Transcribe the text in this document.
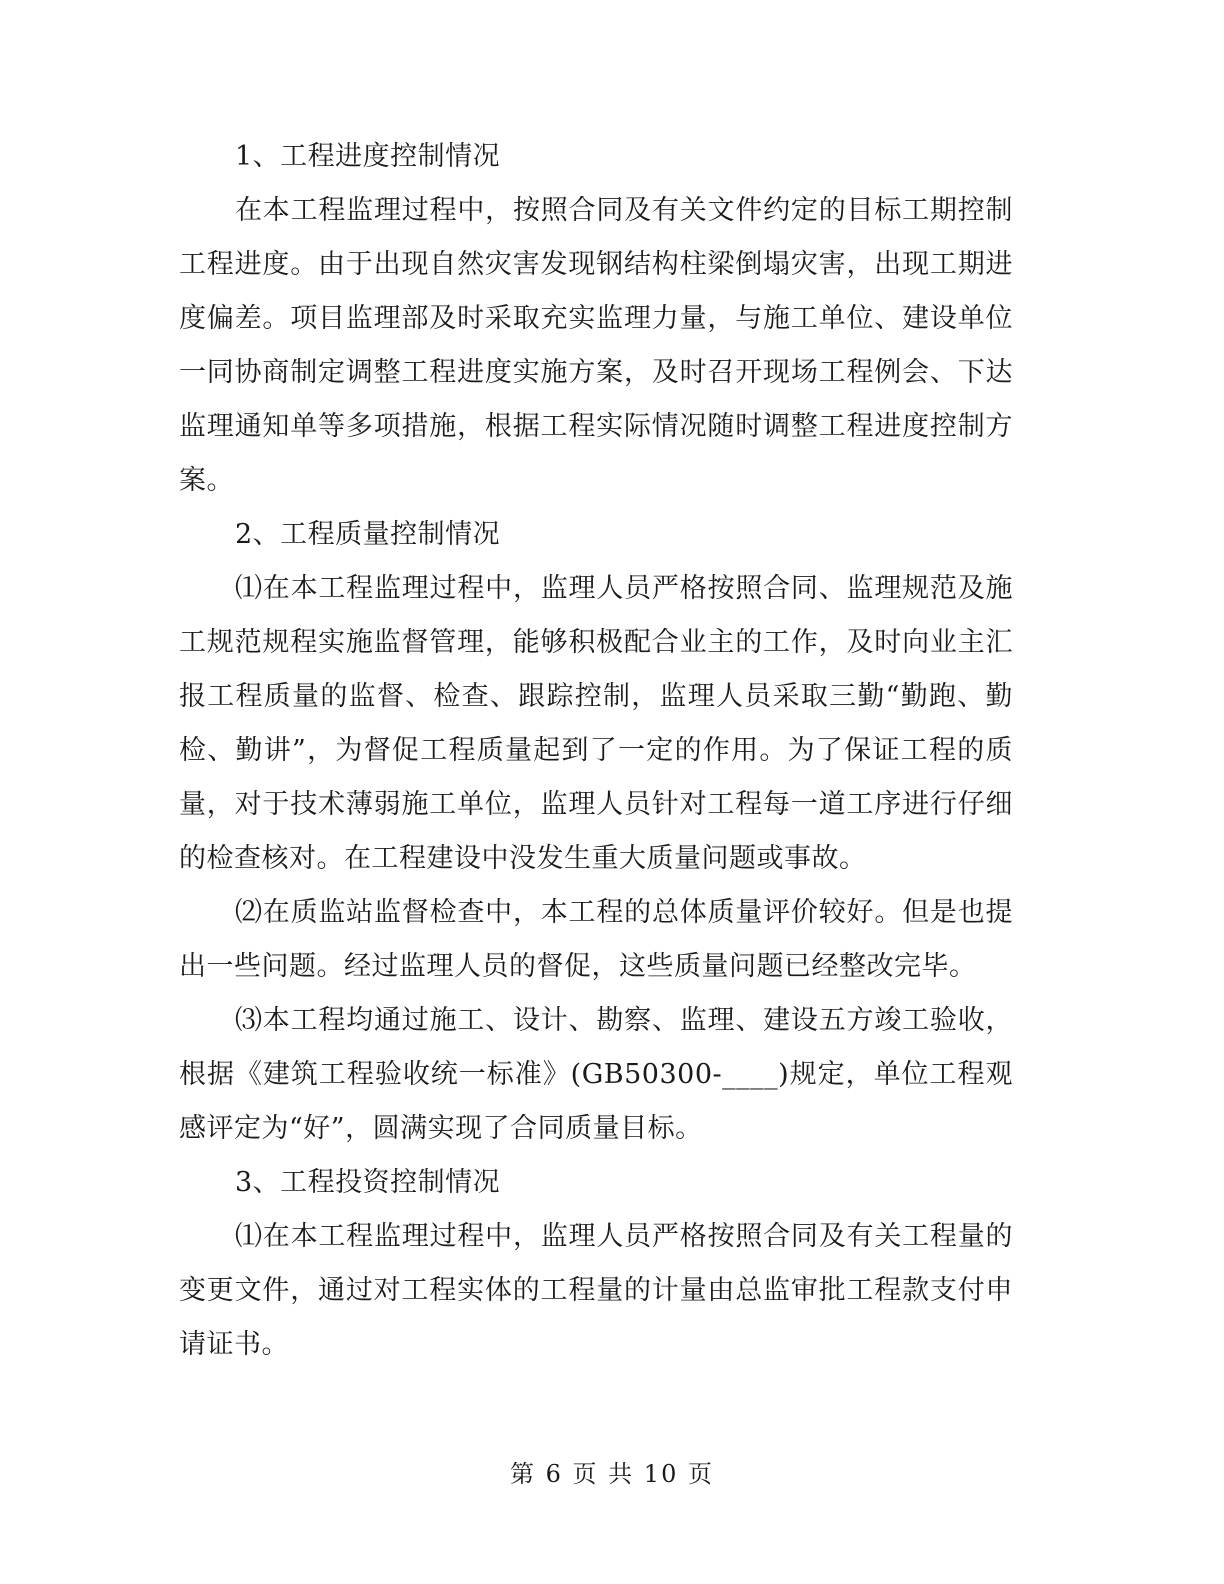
1、工程进度控制情况

在本工程监理过程中，按照合同及有关文件约定的目标工期控制工程进度。由于出现自然灾害发现钢结构柱梁倒塌灾害，出现工期进度偏差。项目监理部及时采取充实监理力量，与施工单位、建设单位一同协商制定调整工程进度实施方案，及时召开现场工程例会、下达监理通知单等多项措施，根据工程实际情况随时调整工程进度控制方案。

2、工程质量控制情况

⑴在本工程监理过程中，监理人员严格按照合同、监理规范及施工规范规程实施监督管理，能够积极配合业主的工作，及时向业主汇报工程质量的监督、检查、跟踪控制，监理人员采取三勤“勤跑、勤检、勤讲”，为督促工程质量起到了一定的作用。为了保证工程的质量，对于技术薄弱施工单位，监理人员针对工程每一道工序进行仔细的检查核对。在工程建设中没发生重大质量问题或事故。

⑵在质监站监督检查中，本工程的总体质量评价较好。但是也提出一些问题。经过监理人员的督促，这些质量问题已经整改完毕。

⑶本工程均通过施工、设计、勘察、监理、建设五方竣工验收，根据《建筑工程验收统一标准》(GB50300-____)规定，单位工程观感评定为“好”，圆满实现了合同质量目标。

3、工程投资控制情况

⑴在本工程监理过程中，监理人员严格按照合同及有关工程量的变更文件，通过对工程实体的工程量的计量由总监审批工程款支付申请证书。

第 6 页 共 10 页
